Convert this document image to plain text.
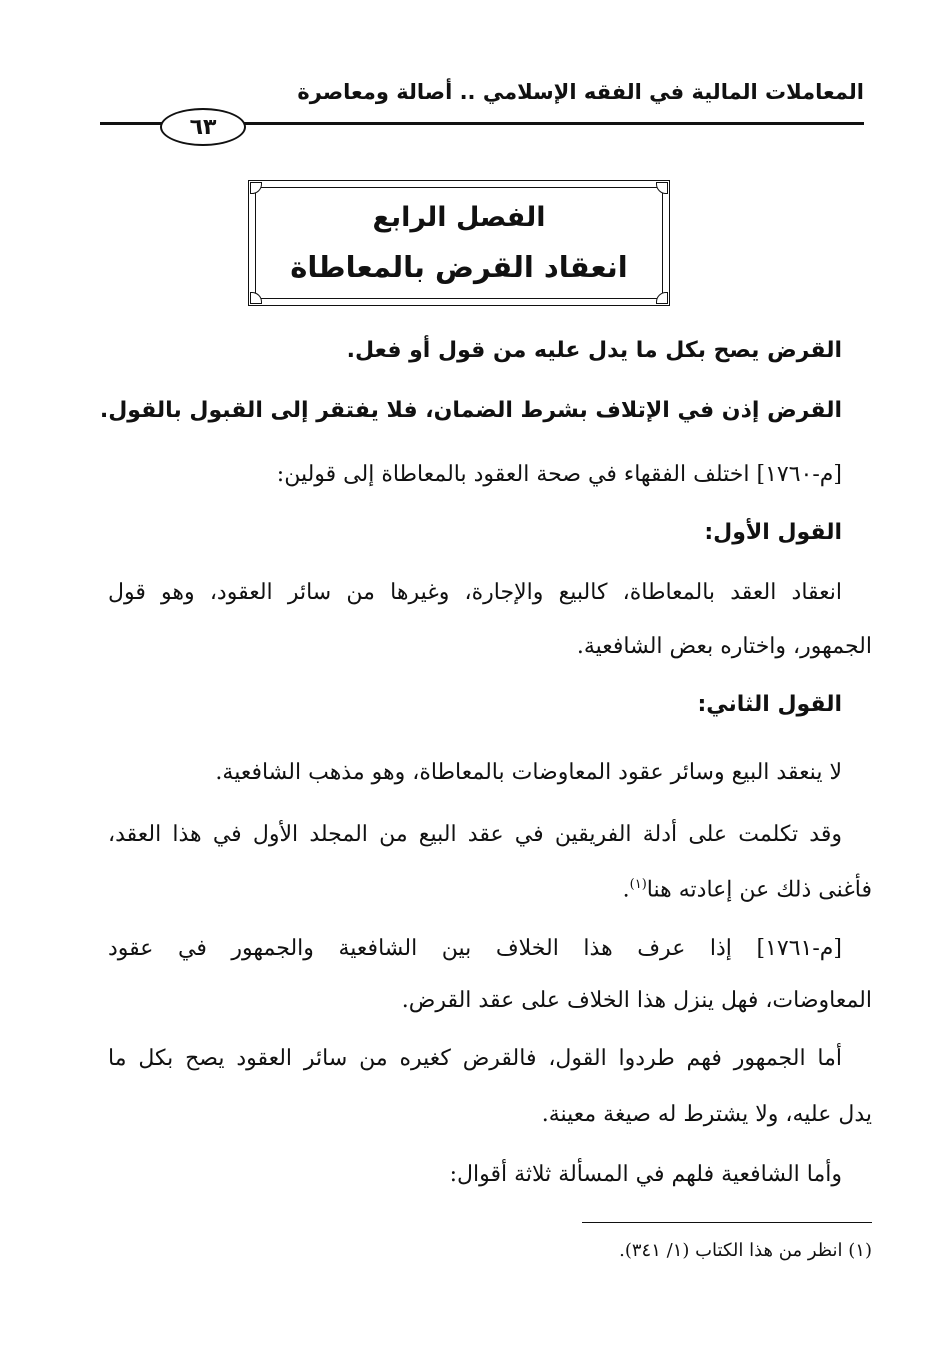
المعاملات المالية في الفقه الإسلامي .. أصالة ومعاصرة
٦٣
الفصل الرابع
انعقاد القرض بالمعاطاة
القرض يصح بكل ما يدل عليه من قول أو فعل.
القرض إذن في الإتلاف بشرط الضمان، فلا يفتقر إلى القبول بالقول.
[م-١٧٦٠] اختلف الفقهاء في صحة العقود بالمعاطاة إلى قولين:
القول الأول:
انعقاد العقد بالمعاطاة، كالبيع والإجارة، وغيرها من سائر العقود، وهو قول
الجمهور، واختاره بعض الشافعية.
القول الثاني:
لا ينعقد البيع وسائر عقود المعاوضات بالمعاطاة، وهو مذهب الشافعية.
وقد تكلمت على أدلة الفريقين في عقد البيع من المجلد الأول في هذا العقد،
فأغنى ذلك عن إعادته هنا$^{(١)}$.
[م-١٧٦١] إذا عرف هذا الخلاف بين الشافعية والجمهور في عقود
المعاوضات، فهل ينزل هذا الخلاف على عقد القرض.
أما الجمهور فهم طردوا القول، فالقرض كغيره من سائر العقود يصح بكل ما
يدل عليه، ولا يشترط له صيغة معينة.
وأما الشافعية فلهم في المسألة ثلاثة أقوال:
(١) انظر من هذا الكتاب (١/ ٣٤١).
